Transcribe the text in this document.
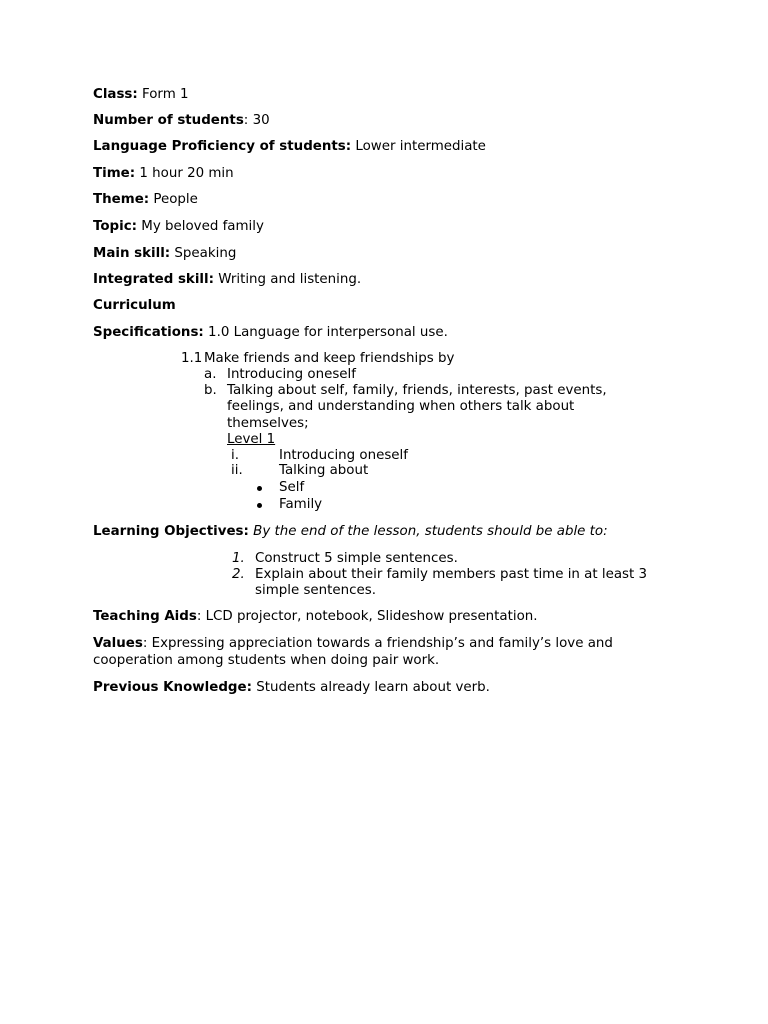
Class: Form 1
Number of students: 30
Language Proficiency of students: Lower intermediate
Time: 1 hour 20 min
Theme: People
Topic: My beloved family
Main skill: Speaking
Integrated skill: Writing and listening.
Curriculum
Specifications: 1.0 Language for interpersonal use.
1.1 Make friends and keep friendships by
a. Introducing oneself
b. Talking about self, family, friends, interests, past events,
feelings, and understanding when others talk about
themselves;
Level 1
i.	Introducing oneself
ii.	Talking about
Self
Family
Learning Objectives: By the end of the lesson, students should be able to:
1. Construct 5 simple sentences.
2. Explain about their family members past time in at least 3
simple sentences.
Teaching Aids: LCD projector, notebook, Slideshow presentation.
Values: Expressing appreciation towards a friendship’s and family’s love and
cooperation among students when doing pair work.
Previous Knowledge: Students already learn about verb.
